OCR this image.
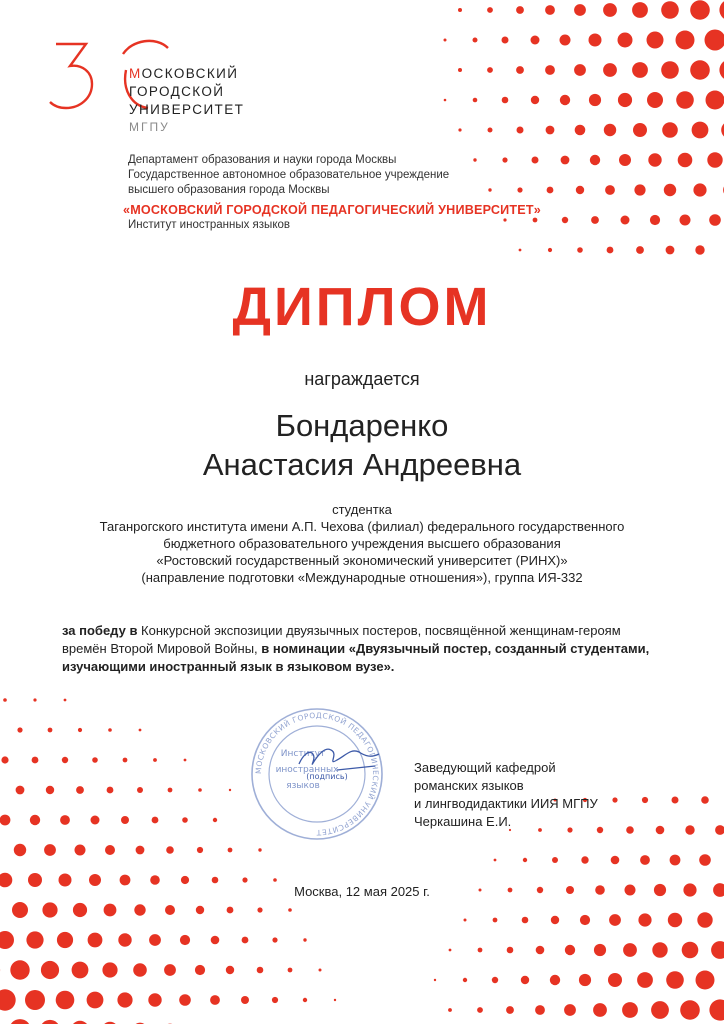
МОСКОВСКИЙ
ГОРОДСКОЙ
УНИВЕРСИТЕТ
МГПУ
Департамент образования и науки города Москвы
Государственное автономное образовательное учреждение
высшего образования города Москвы
«МОСКОВСКИЙ ГОРОДСКОЙ ПЕДАГОГИЧЕСКИЙ УНИВЕРСИТЕТ»
Институт иностранных языков
ДИПЛОМ
награждается
Бондаренко
Анастасия Андреевна
студентка
Таганрогского института имени А.П. Чехова (филиал) федерального государственного
бюджетного образовательного учреждения высшего образования
«Ростовский государственный экономический университет (РИНХ)»
(направление подготовки «Международные отношения»), группа ИЯ-332
за победу в Конкурсной экспозиции двуязычных постеров, посвящённой женщинам-героям
времён Второй Мировой Войны, в номинации «Двуязычный постер, созданный студентами,
изучающими иностранный язык в языковом вузе».
МОСКОВСКИЙ ГОРОДСКОЙ ПЕДАГОГИЧЕСКИЙ УНИВЕРСИТЕТ
Институт
иностранных
языков
(подпись)
Заведующий кафедрой
романских языков
и лингводидактики ИИЯ МГПУ
Черкашина Е.И.
Москва, 12 мая 2025 г.
